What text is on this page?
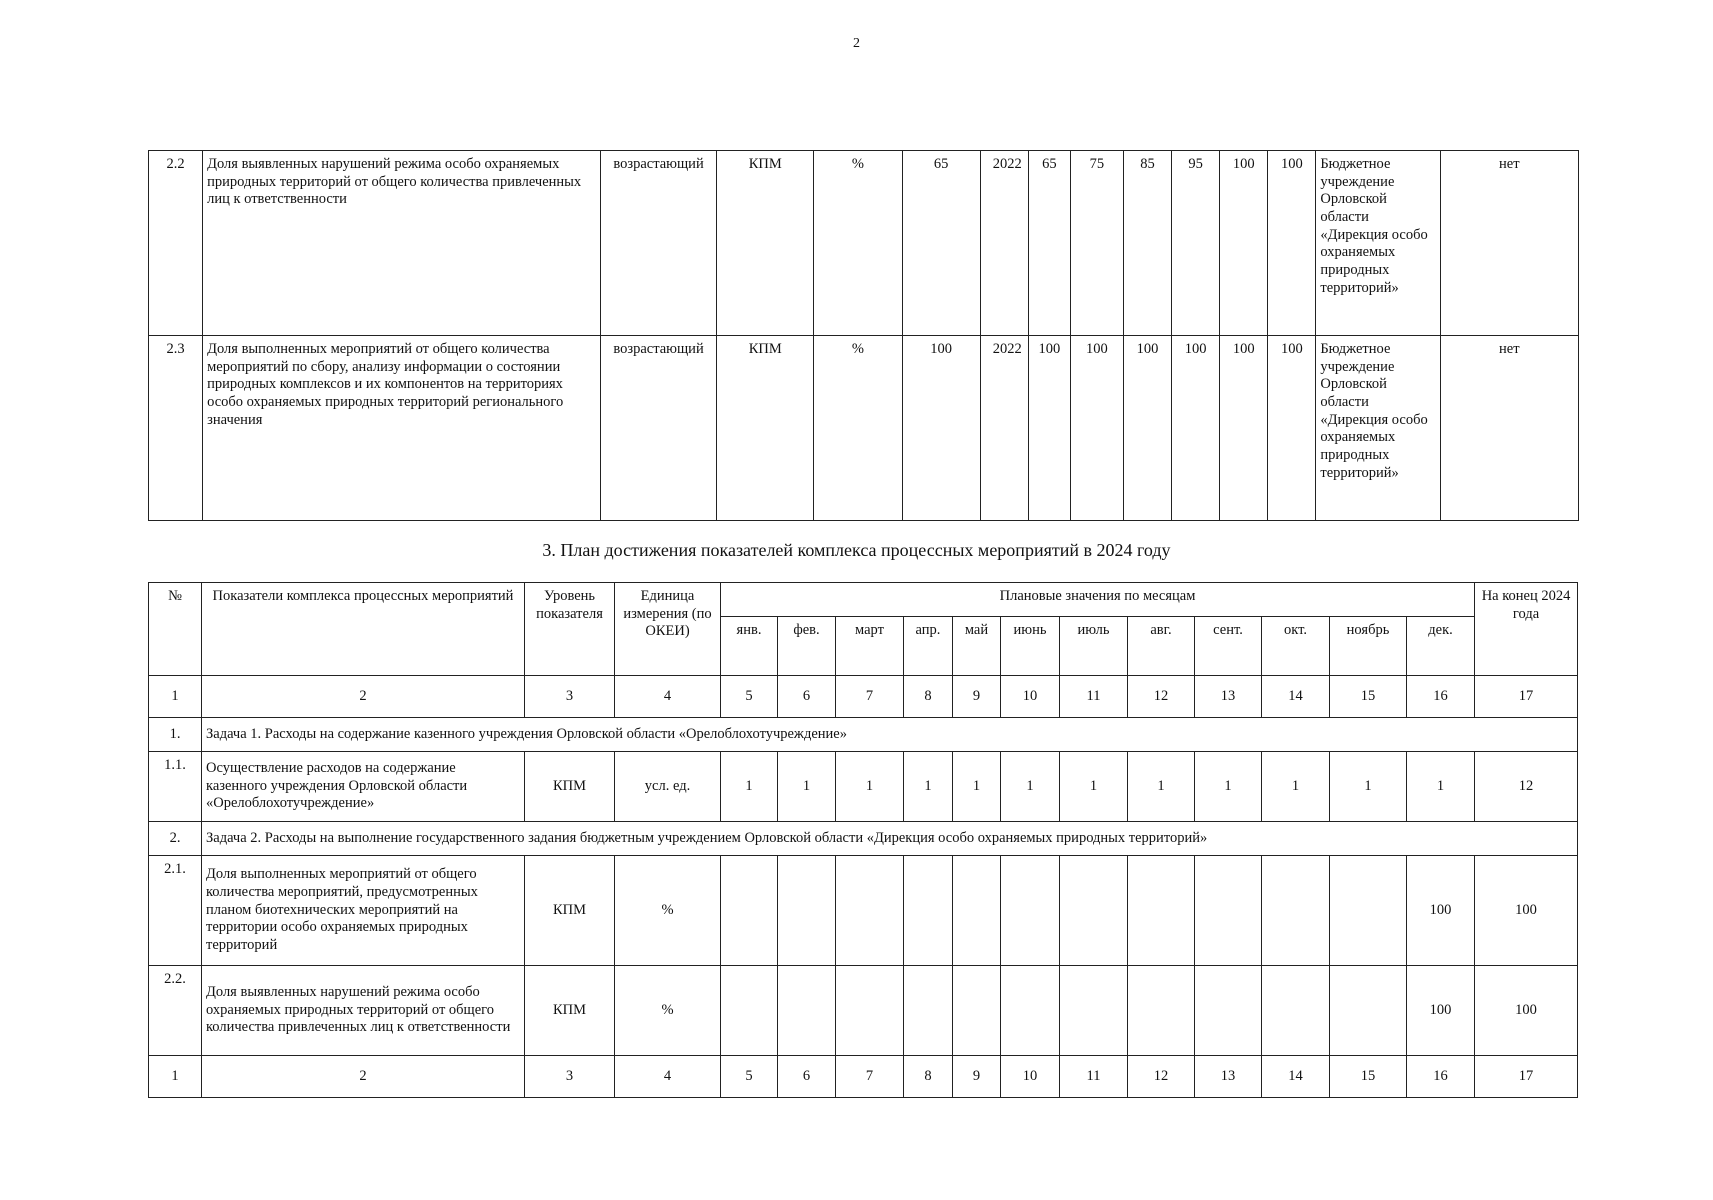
2
2.2	Доля выявленных нарушений режима особо охраняемых природных территорий от общего количества привлеченных лиц к ответственности	возрастающий	КПМ	%	65	2022	65	75	85	95	100	100	Бюджетное учреждение Орловской области «Дирекция особо охраняемых природных территорий»	нет
2.3	Доля выполненных мероприятий от общего количества мероприятий по сбору, анализу информации о состоянии природных комплексов и их компонентов на территориях особо охраняемых природных территорий регионального значения	возрастающий	КПМ	%	100	2022	100	100	100	100	100	100	Бюджетное учреждение Орловской области «Дирекция особо охраняемых природных территорий»	нет
3. План достижения показателей комплекса процессных мероприятий в 2024 году
№	Показатели комплекса процессных мероприятий	Уровень показателя	Единица измерения (по ОКЕИ)	Плановые значения по месяцам												На конец 2024 года
				янв.	фев.	март	апр.	май	июнь	июль	авг.	сент.	окт.	ноябрь	дек.	
1	2	3	4	5	6	7	8	9	10	11	12	13	14	15	16	17
1.	Задача 1. Расходы на содержание казенного учреждения Орловской области «Орелоблохотучреждение»															
1.1.	Осуществление расходов на содержание казенного учреждения Орловской области «Орелоблохотучреждение»	КПМ	усл. ед.	1	1	1	1	1	1	1	1	1	1	1	1	12
2.	Задача 2. Расходы на выполнение государственного задания бюджетным учреждением Орловской области «Дирекция особо охраняемых природных территорий»															
2.1.	Доля выполненных мероприятий от общего количества мероприятий, предусмотренных планом биотехнических мероприятий на территории особо охраняемых природных территорий	КПМ	%												100	100
2.2.	Доля выявленных нарушений режима особо охраняемых природных территорий от общего количества привлеченных лиц к ответственности	КПМ	%												100	100
1	2	3	4	5	6	7	8	9	10	11	12	13	14	15	16	17
